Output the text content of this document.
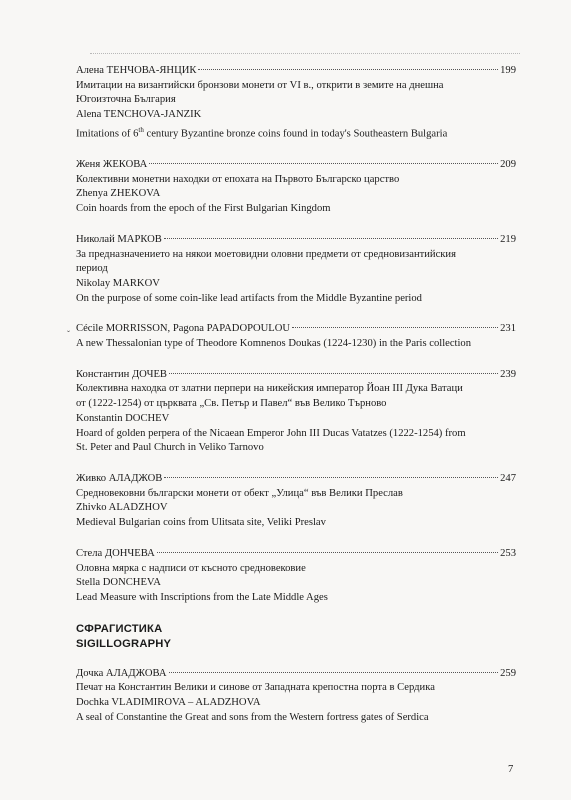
ˬ
Алена ТЕНЧОВА-ЯНЦИК	199
Имитации на византийски бронзови монети от VI в., открити в земите на днешна
Югоизточна България
Alena TENCHOVA-JANZIK
Imitations of 6th century Byzantine bronze coins found in today's Southeastern Bulgaria
Женя ЖЕКОВА	209
Колективни монетни находки от епохата на Първото Българско царство
Zhenya ZHEKOVA
Coin hoards from the epoch of the First Bulgarian Kingdom
Николай МАРКОВ	219
За предназначението на някои моетовидни оловни предмети от средновизантийския
период
Nikolay MARKOV
On the purpose of some coin-like lead artifacts from the Middle Byzantine period
Cécile MORRISSON, Pagona PAPADOPOULOU	231
A new Thessalonian type of Theodore Komnenos Doukas (1224-1230) in the Paris collection
Константин ДОЧЕВ	239
Колективна находка от златни перпери на никейския император Йоан III Дука Ватаци
от (1222-1254) от църквата „Св. Петър и Павел“ във Велико Търново
Konstantin DOCHEV
Hoard of golden perpera of the Nicaean Emperor John III Ducas Vatatzes (1222-1254) from
St. Peter and Paul Church in Veliko Tarnovo
Живко АЛАДЖОВ	247
Средновековни български монети от обект „Улица“ във Велики Преслав
Zhivko ALADZHOV
Medieval Bulgarian coins from Ulitsata site, Veliki Preslav
Стела ДОНЧЕВА	253
Оловна мярка с надписи от късното средновековие
Stella DONCHEVA
Lead Measure with Inscriptions from the Late Middle Ages
СФРАГИСТИКА
SIGILLOGRAPHY
Дочка АЛАДЖОВА	259
Печат на Константин Велики и синове от Западната крепостна порта в Сердика
Dochka VLADIMIROVA – ALADZHOVA
A seal of Constantine the Great and sons from the Western fortress gates of Serdica
7
